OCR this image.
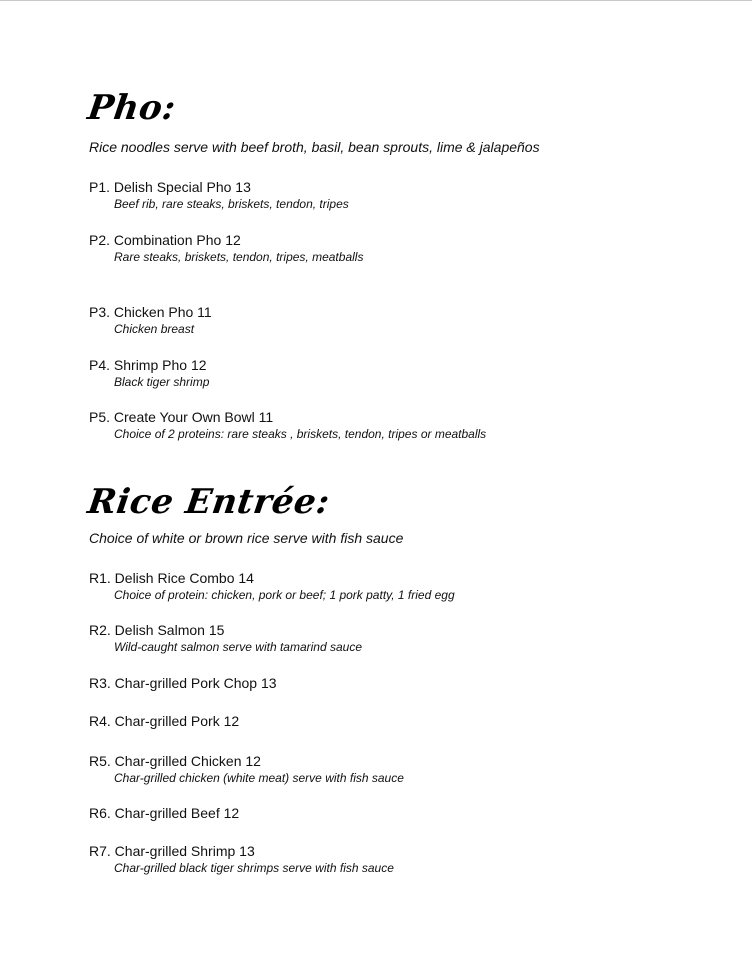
Pho:
Rice noodles serve with beef broth, basil, bean sprouts, lime & jalapeños
P1. Delish Special Pho 13
Beef rib, rare steaks, briskets, tendon, tripes
P2. Combination Pho 12
Rare steaks, briskets, tendon, tripes, meatballs
P3. Chicken Pho 11
Chicken breast
P4. Shrimp Pho 12
Black tiger shrimp
P5. Create Your Own Bowl 11
Choice of 2 proteins: rare steaks , briskets, tendon, tripes or meatballs
Rice Entrée:
Choice of white or brown rice serve with fish sauce
R1. Delish Rice Combo 14
Choice of protein: chicken, pork or beef; 1 pork patty, 1 fried egg
R2. Delish Salmon 15
Wild-caught salmon serve with tamarind sauce
R3. Char-grilled Pork Chop 13
R4. Char-grilled Pork 12
R5. Char-grilled Chicken 12
Char-grilled chicken (white meat) serve with fish sauce
R6. Char-grilled Beef 12
R7. Char-grilled Shrimp 13
Char-grilled black tiger shrimps serve with fish sauce
